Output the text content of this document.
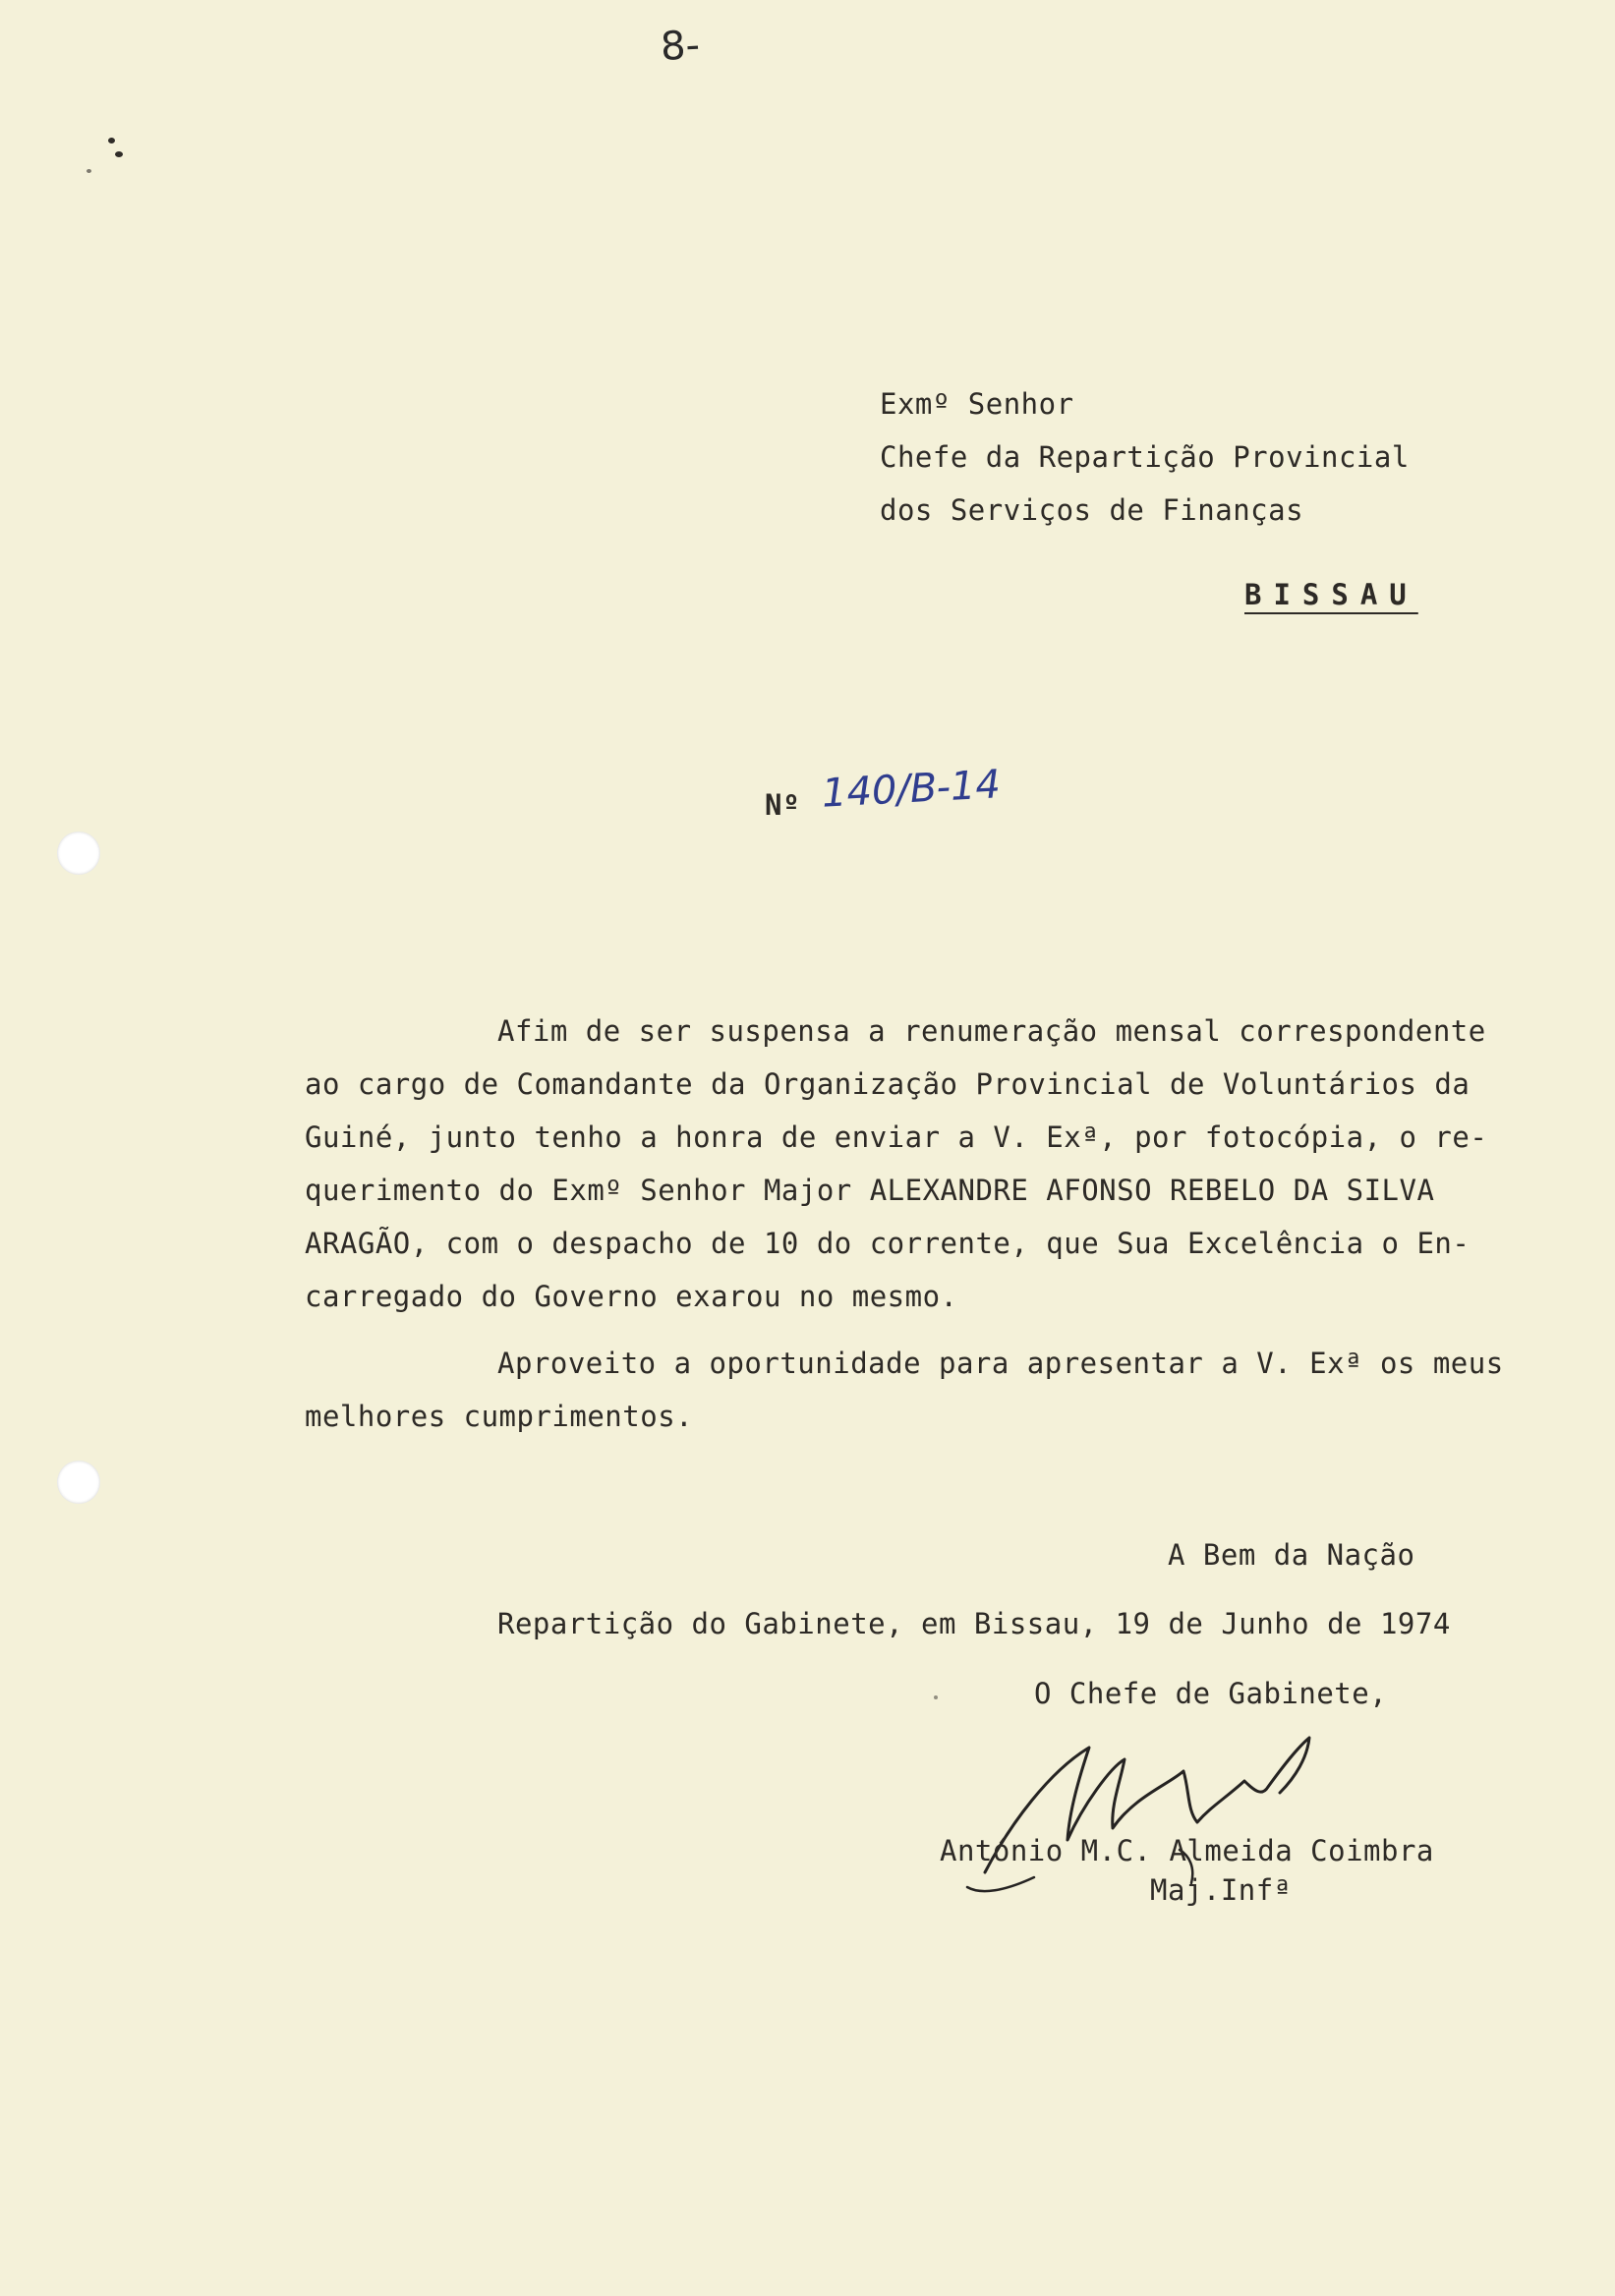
8-
Exmº Senhor
Chefe da Repartição Provincial
dos Serviços de Finanças
BISSAU
Nº 140/B-14
Afim de ser suspensa a renumeração mensal correspondente
ao cargo de Comandante da Organização Provincial de Voluntários da
Guiné, junto tenho a honra de enviar a V. Exª, por fotocópia, o re-
querimento do Exmº Senhor Major ALEXANDRE AFONSO REBELO DA SILVA
ARAGÃO, com o despacho de 10 do corrente, que Sua Excelência o En-
carregado do Governo exarou no mesmo.
Aproveito a oportunidade para apresentar a V. Exª os meus
melhores cumprimentos.
A Bem da Nação
Repartição do Gabinete, em Bissau, 19 de Junho de 1974
O Chefe de Gabinete,
António M.C. Almeida Coimbra
Maj.Infª
